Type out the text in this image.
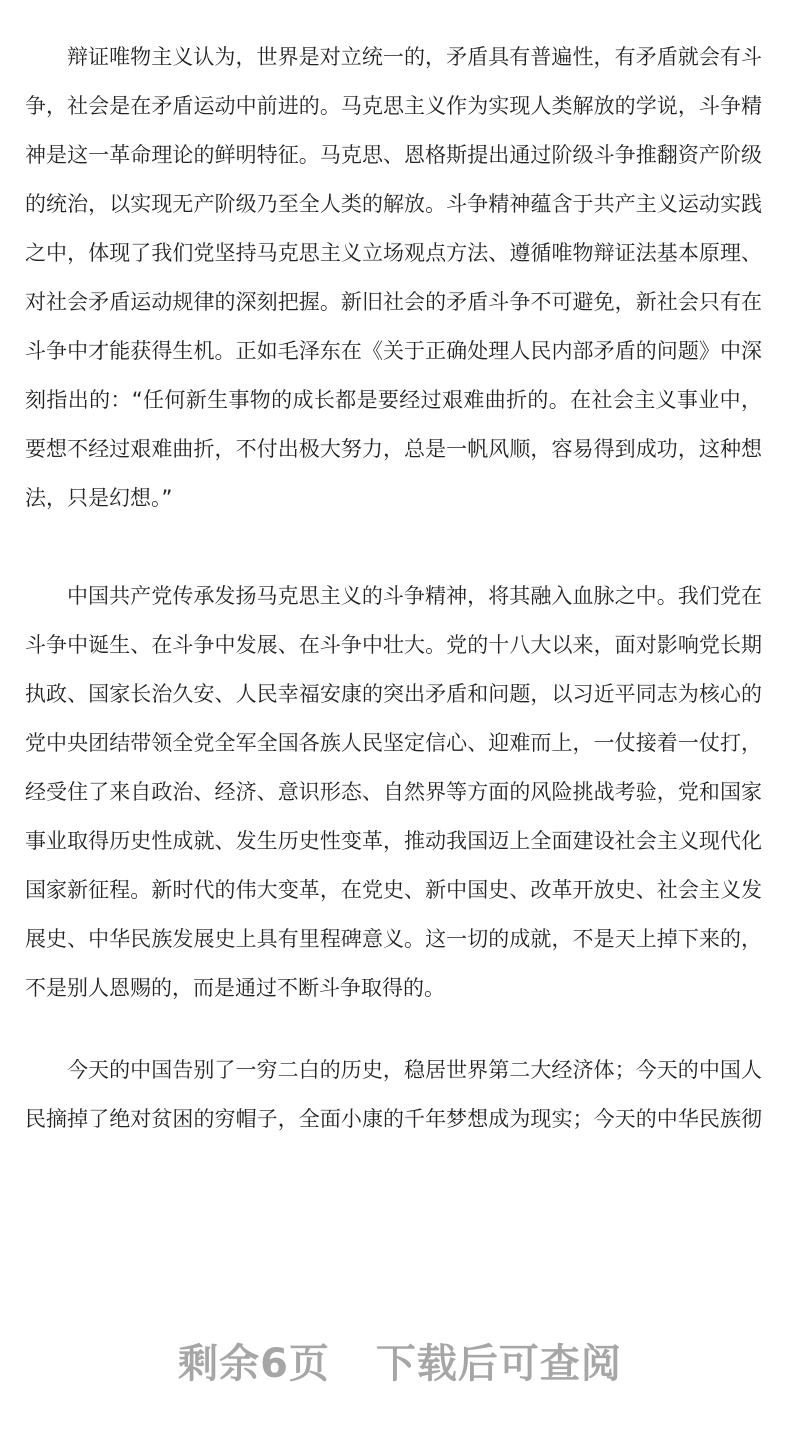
辩证唯物主义认为，世界是对立统一的，矛盾具有普遍性，有矛盾就会有斗
争，社会是在矛盾运动中前进的。马克思主义作为实现人类解放的学说，斗争精
神是这一革命理论的鲜明特征。马克思、恩格斯提出通过阶级斗争推翻资产阶级
的统治，以实现无产阶级乃至全人类的解放。斗争精神蕴含于共产主义运动实践
之中，体现了我们党坚持马克思主义立场观点方法、遵循唯物辩证法基本原理、
对社会矛盾运动规律的深刻把握。新旧社会的矛盾斗争不可避免，新社会只有在
斗争中才能获得生机。正如毛泽东在《关于正确处理人民内部矛盾的问题》中深
刻指出的：“任何新生事物的成长都是要经过艰难曲折的。在社会主义事业中，
要想不经过艰难曲折，不付出极大努力，总是一帆风顺，容易得到成功，这种想
法，只是幻想。”
中国共产党传承发扬马克思主义的斗争精神，将其融入血脉之中。我们党在
斗争中诞生、在斗争中发展、在斗争中壮大。党的十八大以来，面对影响党长期
执政、国家长治久安、人民幸福安康的突出矛盾和问题，以习近平同志为核心的
党中央团结带领全党全军全国各族人民坚定信心、迎难而上，一仗接着一仗打，
经受住了来自政治、经济、意识形态、自然界等方面的风险挑战考验，党和国家
事业取得历史性成就、发生历史性变革，推动我国迈上全面建设社会主义现代化
国家新征程。新时代的伟大变革，在党史、新中国史、改革开放史、社会主义发
展史、中华民族发展史上具有里程碑意义。这一切的成就，不是天上掉下来的，
不是别人恩赐的，而是通过不断斗争取得的。
今天的中国告别了一穷二白的历史，稳居世界第二大经济体；今天的中国人
民摘掉了绝对贫困的穷帽子，全面小康的千年梦想成为现实；今天的中华民族彻
剩余6页 下载后可查阅
